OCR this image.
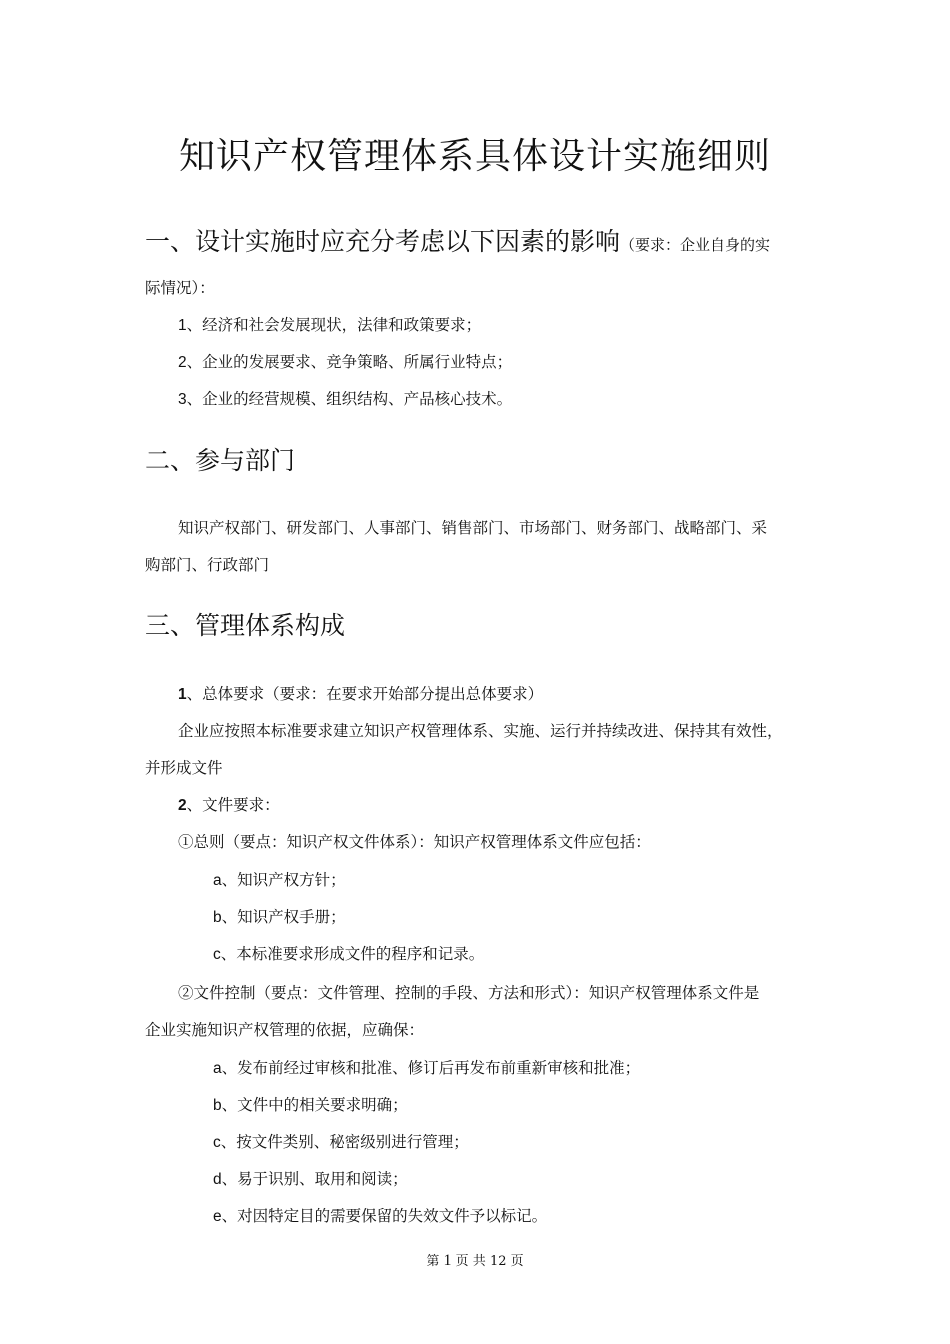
知识产权管理体系具体设计实施细则
一、设计实施时应充分考虑以下因素的影响（要求：企业自身的实
际情况）：
1、经济和社会发展现状，法律和政策要求；
2、企业的发展要求、竞争策略、所属行业特点；
3、企业的经营规模、组织结构、产品核心技术。
二、参与部门
知识产权部门、研发部门、人事部门、销售部门、市场部门、财务部门、战略部门、采
购部门、行政部门
三、管理体系构成
1、总体要求（要求：在要求开始部分提出总体要求）
企业应按照本标准要求建立知识产权管理体系、实施、运行并持续改进、保持其有效性，
并形成文件
2、文件要求：
①总则（要点：知识产权文件体系）：知识产权管理体系文件应包括：
a、知识产权方针；
b、知识产权手册；
c、本标准要求形成文件的程序和记录。
②文件控制（要点：文件管理、控制的手段、方法和形式）：知识产权管理体系文件是
企业实施知识产权管理的依据，应确保：
a、发布前经过审核和批准、修订后再发布前重新审核和批准；
b、文件中的相关要求明确；
c、按文件类别、秘密级别进行管理；
d、易于识别、取用和阅读；
e、对因特定目的需要保留的失效文件予以标记。
第 1 页 共 12 页
